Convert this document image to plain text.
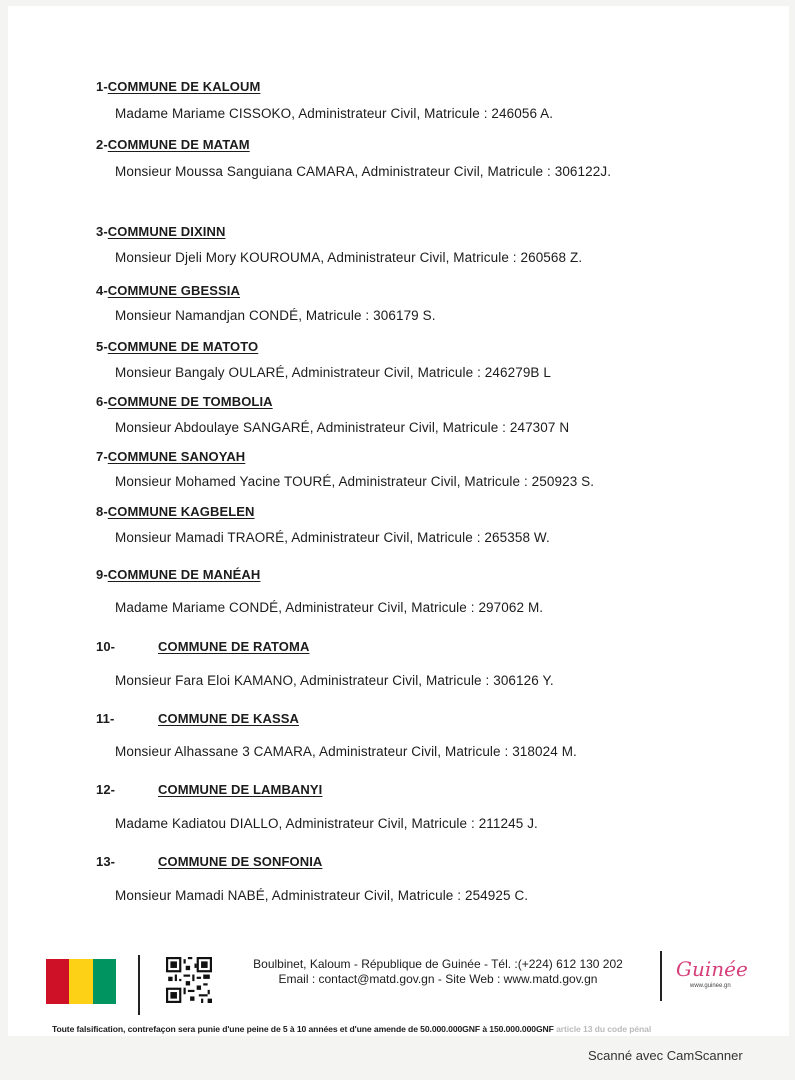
1-COMMUNE DE KALOUM
Madame Mariame CISSOKO, Administrateur Civil, Matricule : 246056 A.
2-COMMUNE DE MATAM
Monsieur Moussa Sanguiana CAMARA, Administrateur Civil, Matricule : 306122J.
3-COMMUNE DIXINN
Monsieur Djeli Mory KOUROUMA, Administrateur Civil, Matricule : 260568 Z.
4-COMMUNE GBESSIA
Monsieur Namandjan CONDÉ, Matricule : 306179 S.
5-COMMUNE DE MATOTO
Monsieur Bangaly OULARÉ, Administrateur Civil, Matricule : 246279B L
6-COMMUNE DE TOMBOLIA
Monsieur Abdoulaye SANGARÉ, Administrateur Civil, Matricule : 247307 N
7-COMMUNE SANOYAH
Monsieur Mohamed Yacine TOURÉ, Administrateur Civil, Matricule : 250923 S.
8-COMMUNE KAGBELEN
Monsieur Mamadi TRAORÉ, Administrateur Civil, Matricule : 265358 W.
9-COMMUNE DE MANÉAH
Madame Mariame CONDÉ, Administrateur Civil, Matricule : 297062 M.
10-	COMMUNE DE RATOMA
Monsieur Fara Eloi KAMANO, Administrateur Civil, Matricule : 306126 Y.
11-	COMMUNE DE KASSA
Monsieur Alhassane 3 CAMARA, Administrateur Civil, Matricule : 318024 M.
12-	COMMUNE DE LAMBANYI
Madame Kadiatou DIALLO, Administrateur Civil, Matricule : 211245 J.
13-	COMMUNE DE SONFONIA
Monsieur Mamadi NABÉ, Administrateur Civil, Matricule : 254925 C.
Boulbinet, Kaloum - République de Guinée - Tél. :(+224) 612 130 202
Email : contact@matd.gov.gn - Site Web : www.matd.gov.gn	Guinée
www.guinee.gn
Toute falsification, contrefaçon sera punie d'une peine de 5 à 10 années et d'une amende de 50.000.000GNF à 150.000.000GNF article 13 du code pénal
Scanné avec CamScanner
